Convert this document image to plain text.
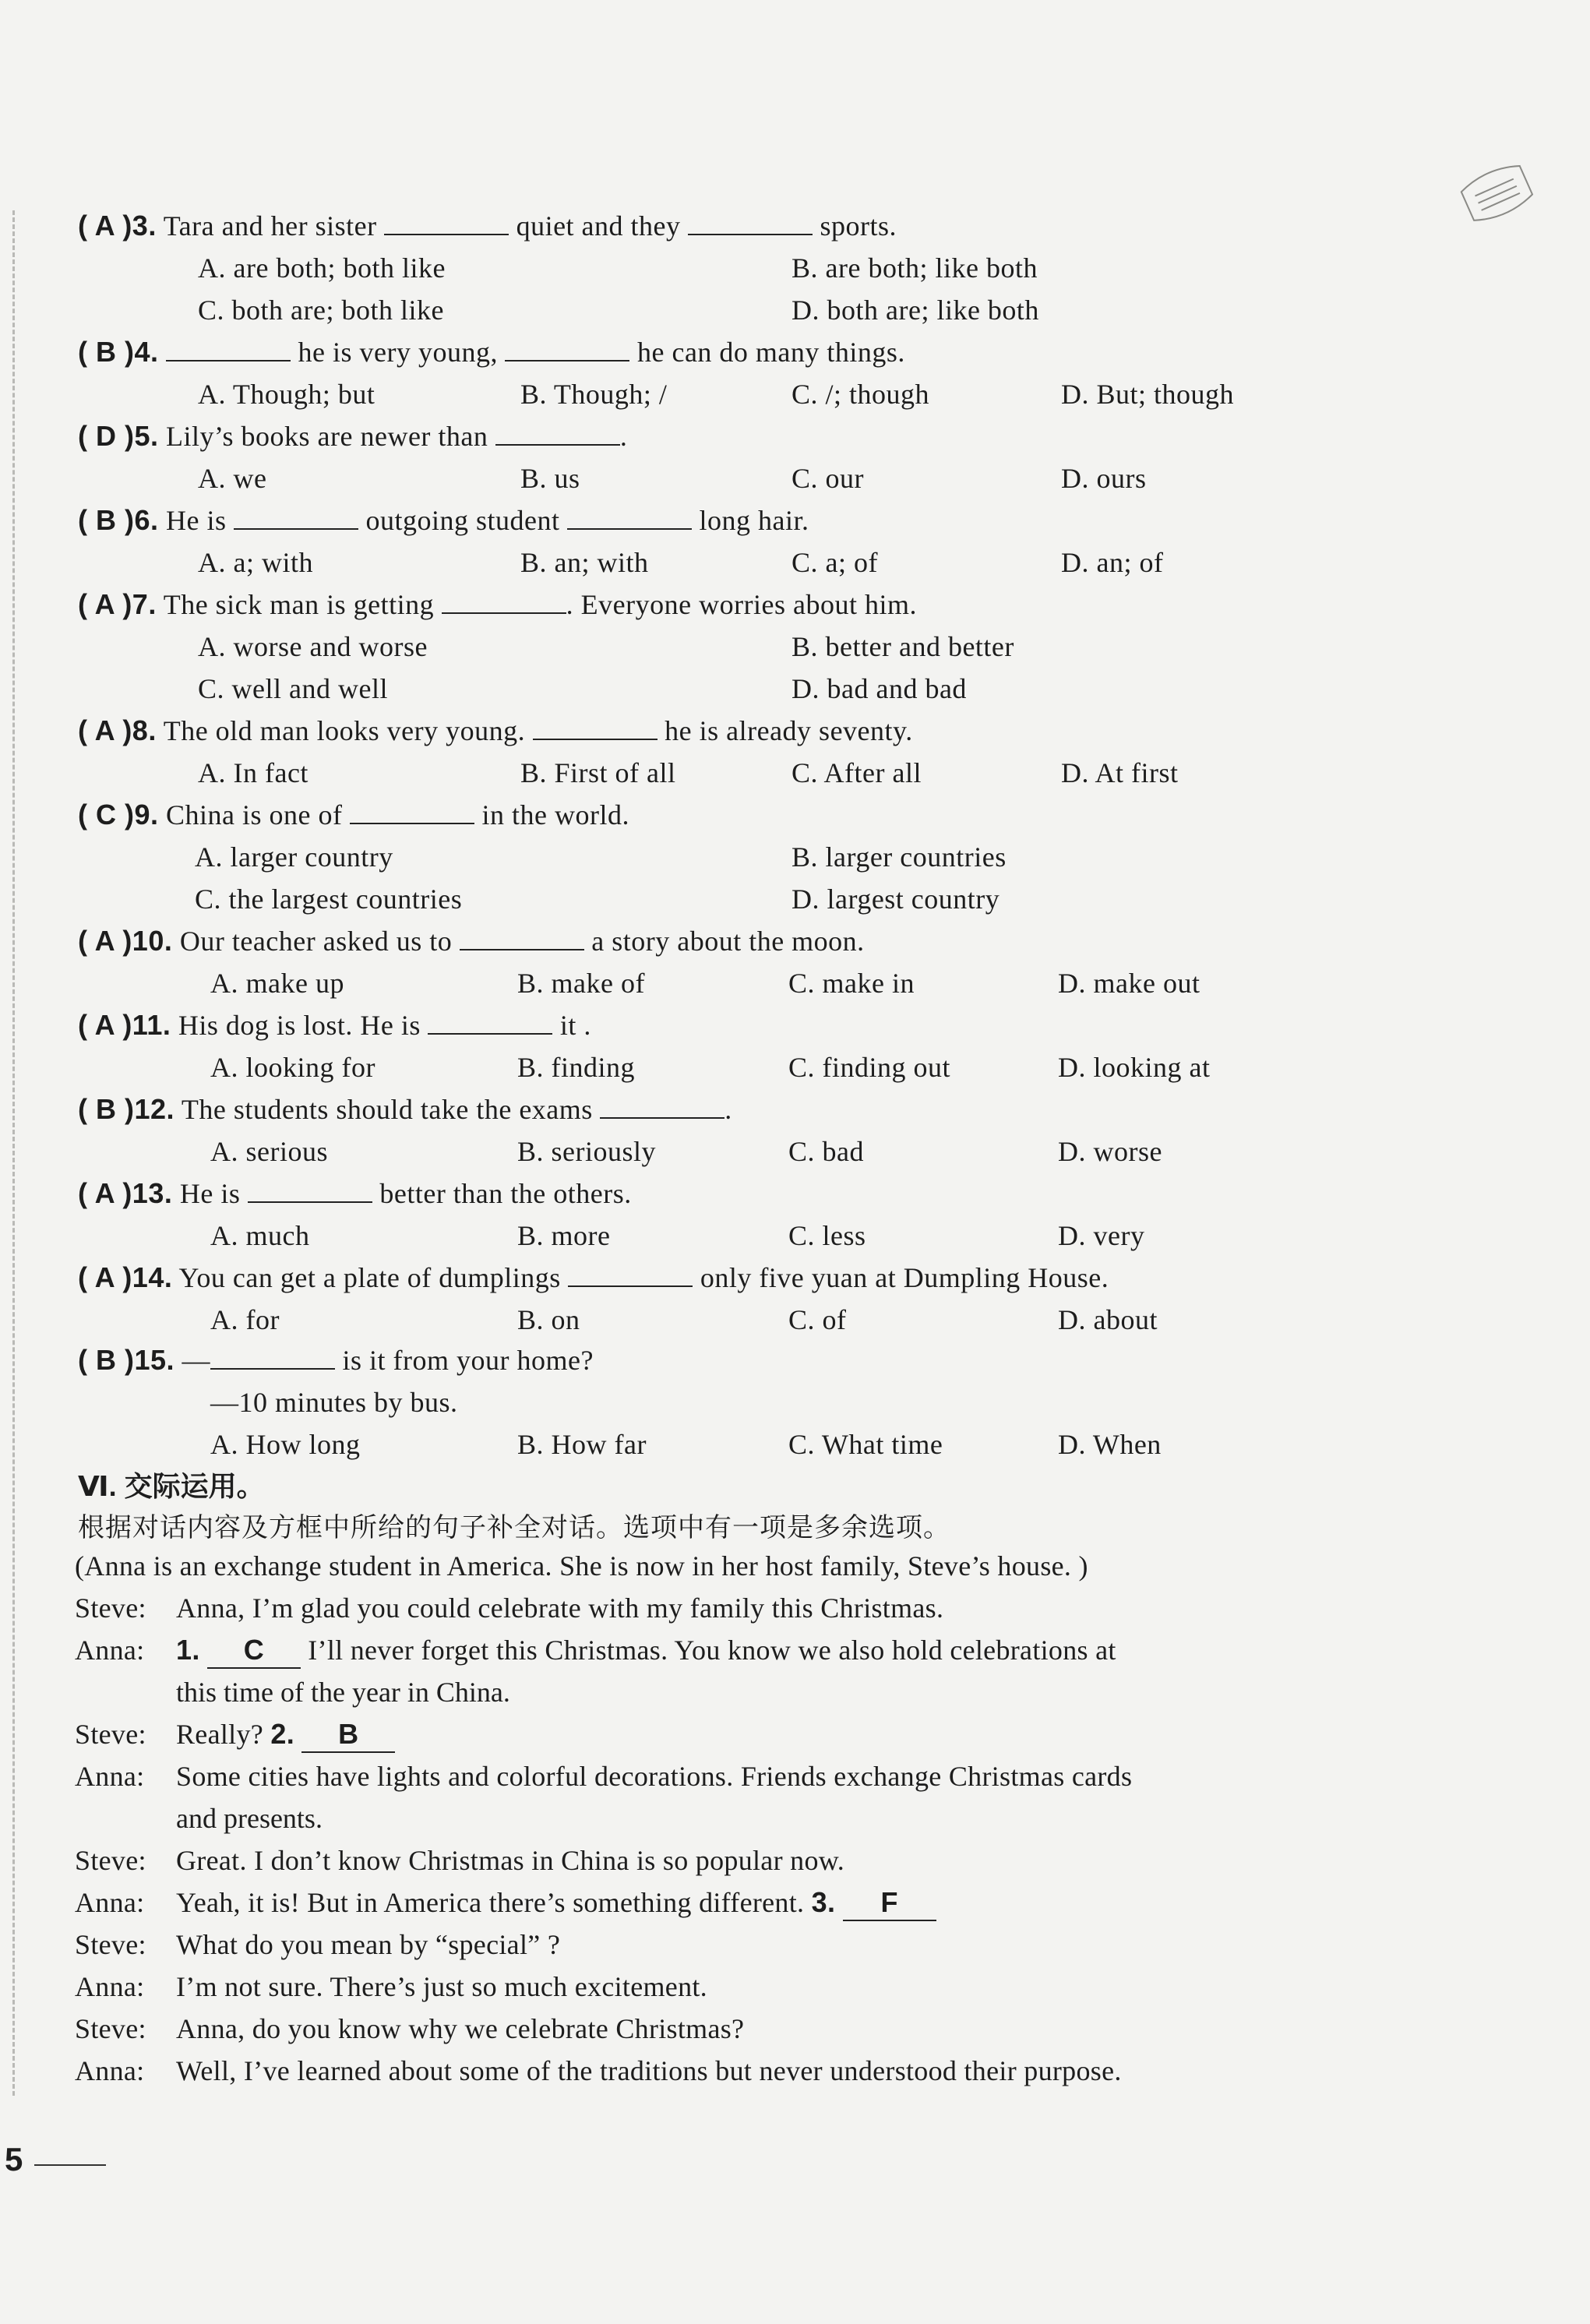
( A )3. Tara and her sister	quiet and they	sports.
A. are both; both like	B. are both; like both
C. both are; both like	D. both are; like both
( B )4.	he is very young,	he can do many things.
A. Though; but	B. Though; /	C. /; though	D. But; though
( D )5. Lily’s books are newer than	.
A. we	B. us	C. our	D. ours
( B )6. He is	outgoing student	long hair.
A. a; with	B. an; with	C. a; of	D. an; of
( A )7. The sick man is getting	. Everyone worries about him.
A. worse and worse	B. better and better
C. well and well	D. bad and bad
( A )8. The old man looks very young.	he is already seventy.
A. In fact	B. First of all	C. After all	D. At first
( C )9. China is one of	in the world.
A. larger country	B. larger countries
C. the largest countries	D. largest country
( A )10. Our teacher asked us to	a story about the moon.
A. make up	B. make of	C. make in	D. make out
( A )11. His dog is lost. He is	it .
A. looking for	B. finding	C. finding out	D. looking at
( B )12. The students should take the exams	.
A. serious	B. seriously	C. bad	D. worse
( A )13. He is	better than the others.
A. much	B. more	C. less	D. very
( A )14. You can get a plate of dumplings	only five yuan at Dumpling House.
A. for	B. on	C. of	D. about
( B )15. —	is it from your home?
—10 minutes by bus.
A. How long	B. How far	C. What time	D. When
Ⅵ. 交际运用。
根据对话内容及方框中所给的句子补全对话。选项中有一项是多余选项。
(Anna is an exchange student in America. She is now in her host family, Steve’s house. )
Steve: Anna, I’m glad you could celebrate with my family this Christmas.
Anna: 1. C I’ll never forget this Christmas. You know we also hold celebrations at
this time of the year in China.
Steve: Really? 2. B
Anna: Some cities have lights and colorful decorations. Friends exchange Christmas cards
and presents.
Steve: Great. I don’t know Christmas in China is so popular now.
Anna: Yeah, it is! But in America there’s something different. 3. F
Steve: What do you mean by “special” ?
Anna: I’m not sure. There’s just so much excitement.
Steve: Anna, do you know why we celebrate Christmas?
Anna: Well, I’ve learned about some of the traditions but never understood their purpose.
5
